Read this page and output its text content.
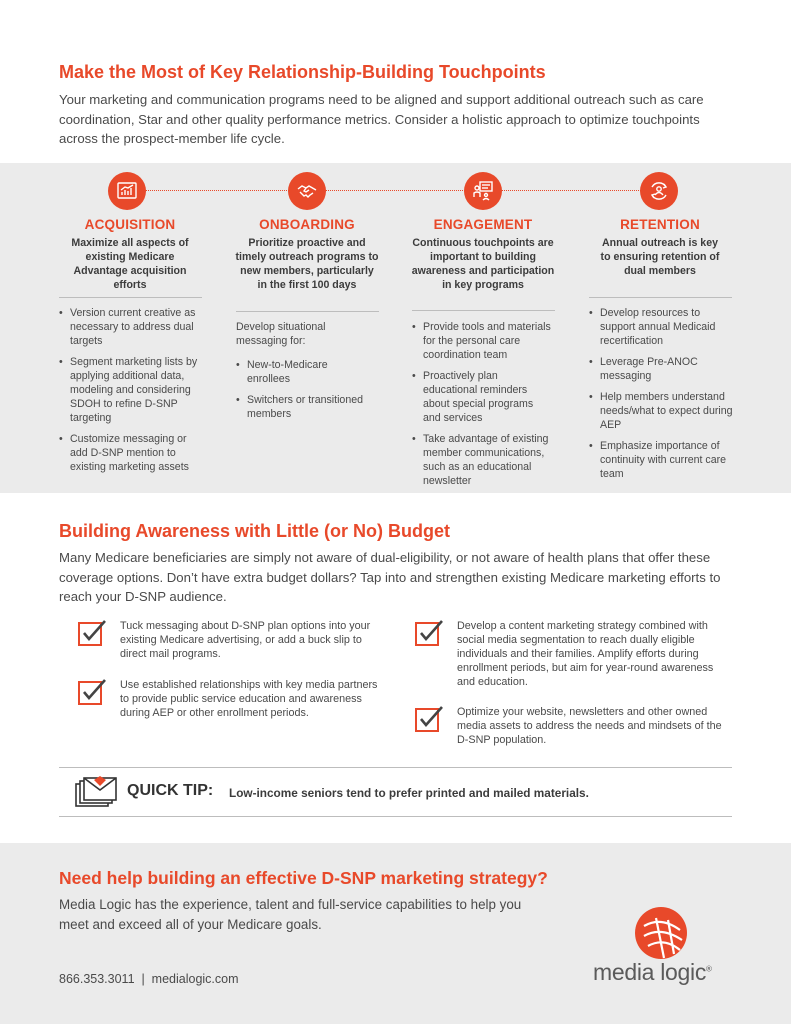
Make the Most of Key Relationship-Building Touchpoints

Your marketing and communication programs need to be aligned and support additional outreach such as care coordination, Star and other quality performance metrics. Consider a holistic approach to optimize touchpoints across the prospect-member life cycle.

ACQUISITION
Maximize all aspects of existing Medicare Advantage acquisition efforts
ONBOARDING
Prioritize proactive and timely outreach programs to new members, particularly in the first 100 days
ENGAGEMENT
Continuous touchpoints are important to building awareness and participation in key programs
RETENTION
Annual outreach is key to ensuring retention of dual members
• Version current creative as necessary to address dual targets
• Segment marketing lists by applying additional data, modeling and considering SDOH to refine D-SNP targeting
• Customize messaging or add D-SNP mention to existing marketing assets
Develop situational messaging for:
• New-to-Medicare enrollees
• Switchers or transitioned members
• Provide tools and materials for the personal care coordination team
• Proactively plan educational reminders about special programs and services
• Take advantage of existing member communications, such as an educational newsletter
• Develop resources to support annual Medicaid recertification
• Leverage Pre-ANOC messaging
• Help members understand needs/what to expect during AEP
• Emphasize importance of continuity with current care team
Building Awareness with Little (or No) Budget

Many Medicare beneficiaries are simply not aware of dual-eligibility, or not aware of health plans that offer these coverage options. Don’t have extra budget dollars? Tap into and strengthen existing Medicare marketing efforts to reach your D-SNP audience.

Tuck messaging about D-SNP plan options into your existing Medicare advertising, or add a buck slip to direct mail programs.
Use established relationships with key media partners to provide public service education and awareness during AEP or other enrollment periods.
Develop a content marketing strategy combined with social media segmentation to reach dually eligible individuals and their families. Amplify efforts during enrollment periods, but aim for year-round awareness and education.
Optimize your website, newsletters and other owned media assets to address the needs and mindsets of the D-SNP population.
QUICK TIP: Low-income seniors tend to prefer printed and mailed materials.
Need help building an effective D-SNP marketing strategy?

Media Logic has the experience, talent and full-service capabilities to help you meet and exceed all of your Medicare goals.

866.353.3011  |  medialogic.com	media logic®
